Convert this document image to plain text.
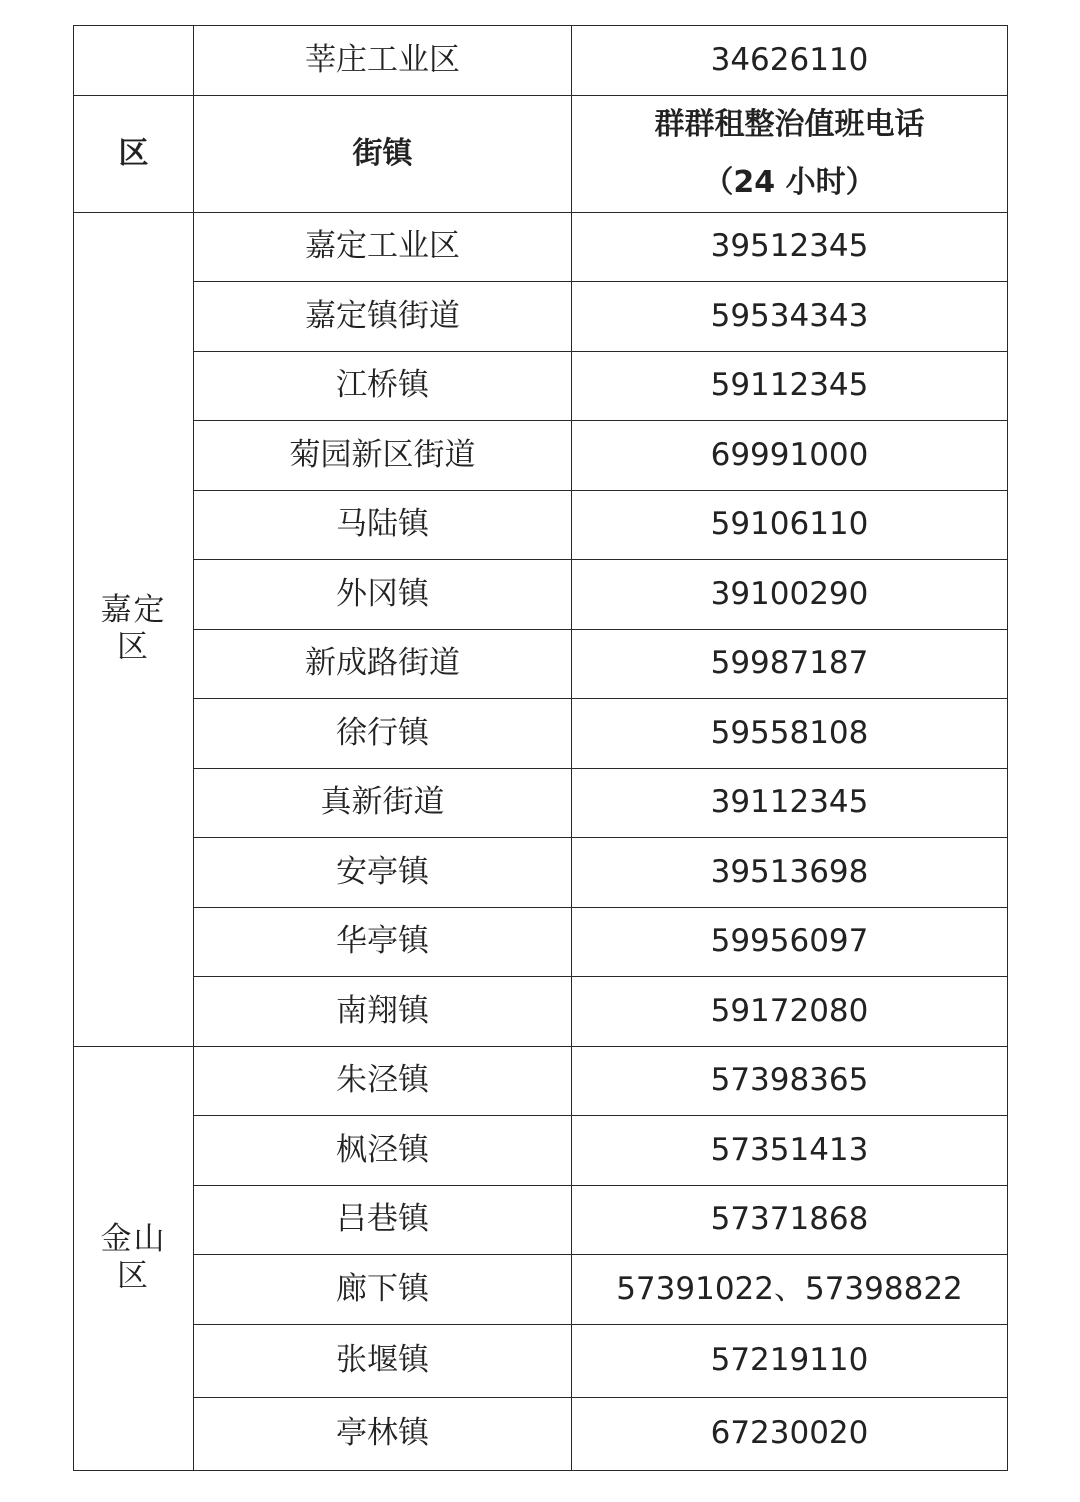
	莘庄工业区	34626110
区	街镇	群群租整治值班电话
（24 小时）

嘉定
区	嘉定工业区	39512345
	嘉定镇街道	59534343
	江桥镇	59112345
	菊园新区街道	69991000
	马陆镇	59106110
	外冈镇	39100290
	新成路街道	59987187
	徐行镇	59558108
	真新街道	39112345
	安亭镇	39513698
	华亭镇	59956097
	南翔镇	59172080

金山
区	朱泾镇	57398365
	枫泾镇	57351413
	吕巷镇	57371868
	廊下镇	57391022、57398822
	张堰镇	57219110
	亭林镇	67230020
